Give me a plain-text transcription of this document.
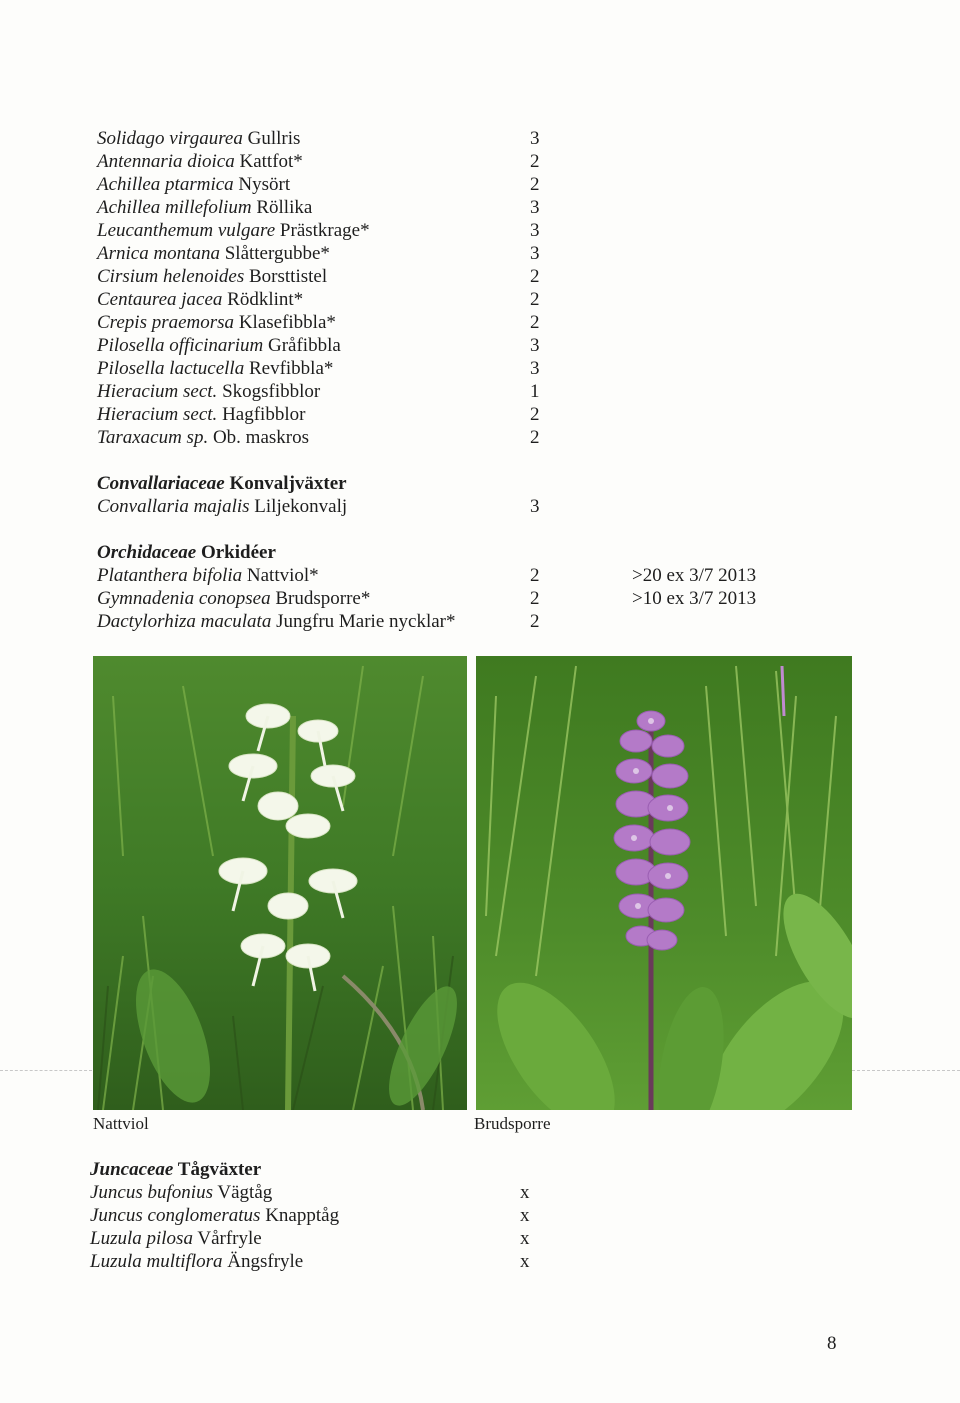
Solidago virgaurea Gullris	3
Antennaria dioica Kattfot*	2
Achillea ptarmica Nysört	2
Achillea millefolium Röllika	3
Leucanthemum vulgare Prästkrage*	3
Arnica montana Slåttergubbe*	3
Cirsium helenoides Borsttistel	2
Centaurea jacea Rödklint*	2
Crepis praemorsa Klasefibbla*	2
Pilosella officinarium Gråfibbla	3
Pilosella lactucella Revfibbla*	3
Hieracium sect. Skogsfibblor	1
Hieracium sect. Hagfibblor	2
Taraxacum sp. Ob. maskros	2
Convallariaceae Konvaljväxter
Convallaria majalis Liljekonvalj	3
Orchidaceae Orkidéer
Platanthera bifolia Nattviol*	2	>20 ex 3/7 2013
Gymnadenia conopsea Brudsporre*	2	>10 ex 3/7 2013
Dactylorhiza maculata Jungfru Marie nycklar*	2
Nattviol	Brudsporre
Juncaceae Tågväxter
Juncus bufonius Vägtåg	x
Juncus conglomeratus Knapptåg	x
Luzula pilosa Vårfryle	x
Luzula multiflora Ängsfryle	x
8
